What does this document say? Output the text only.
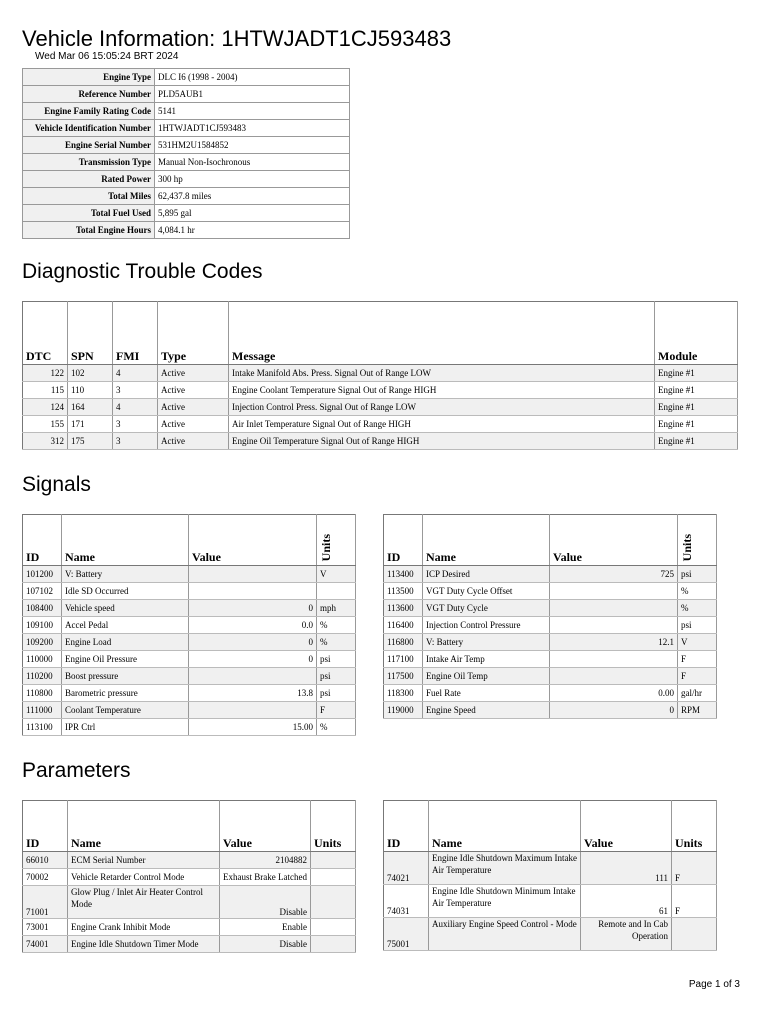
Vehicle Information: 1HTWJADT1CJ593483
Wed Mar 06 15:05:24 BRT 2024
Engine Type	DLC I6 (1998 - 2004)
Reference Number	PLD5AUB1
Engine Family Rating Code	5141
Vehicle Identification Number	1HTWJADT1CJ593483
Engine Serial Number	531HM2U1584852
Transmission Type	Manual Non-Isochronous
Rated Power	300 hp
Total Miles	62,437.8 miles
Total Fuel Used	5,895 gal
Total Engine Hours	4,084.1 hr
Diagnostic Trouble Codes
DTC	SPN	FMI	Type	Message	Module
122	102	4	Active	Intake Manifold Abs. Press. Signal Out of Range LOW	Engine #1
115	110	3	Active	Engine Coolant Temperature Signal Out of Range HIGH	Engine #1
124	164	4	Active	Injection Control Press. Signal Out of Range LOW	Engine #1
155	171	3	Active	Air Inlet Temperature Signal Out of Range HIGH	Engine #1
312	175	3	Active	Engine Oil Temperature Signal Out of Range HIGH	Engine #1
Signals
ID	Name	Value	Units
101200	V: Battery		V
107102	Idle SD Occurred		
108400	Vehicle speed	0	mph
109100	Accel Pedal	0.0	%
109200	Engine Load	0	%
110000	Engine Oil Pressure	0	psi
110200	Boost pressure		psi
110800	Barometric pressure	13.8	psi
111000	Coolant Temperature		F
113100	IPR Ctrl	15.00	%
ID	Name	Value	Units
113400	ICP Desired	725	psi
113500	VGT Duty Cycle Offset		%
113600	VGT Duty Cycle		%
116400	Injection Control Pressure		psi
116800	V: Battery	12.1	V
117100	Intake Air Temp		F
117500	Engine Oil Temp		F
118300	Fuel Rate	0.00	gal/hr
119000	Engine Speed	0	RPM
Parameters
ID	Name	Value	Units
66010	ECM Serial Number	2104882	
70002	Vehicle Retarder Control Mode	Exhaust Brake Latched	
71001	Glow Plug / Inlet Air Heater Control Mode	Disable	
73001	Engine Crank Inhibit Mode	Enable	
74001	Engine Idle Shutdown Timer Mode	Disable	
ID	Name	Value	Units
74021	Engine Idle Shutdown Maximum Intake Air Temperature	111	F
74031	Engine Idle Shutdown Minimum Intake Air Temperature	61	F
75001	Auxiliary Engine Speed Control - Mode	Remote and In Cab Operation	
Page 1 of 3
